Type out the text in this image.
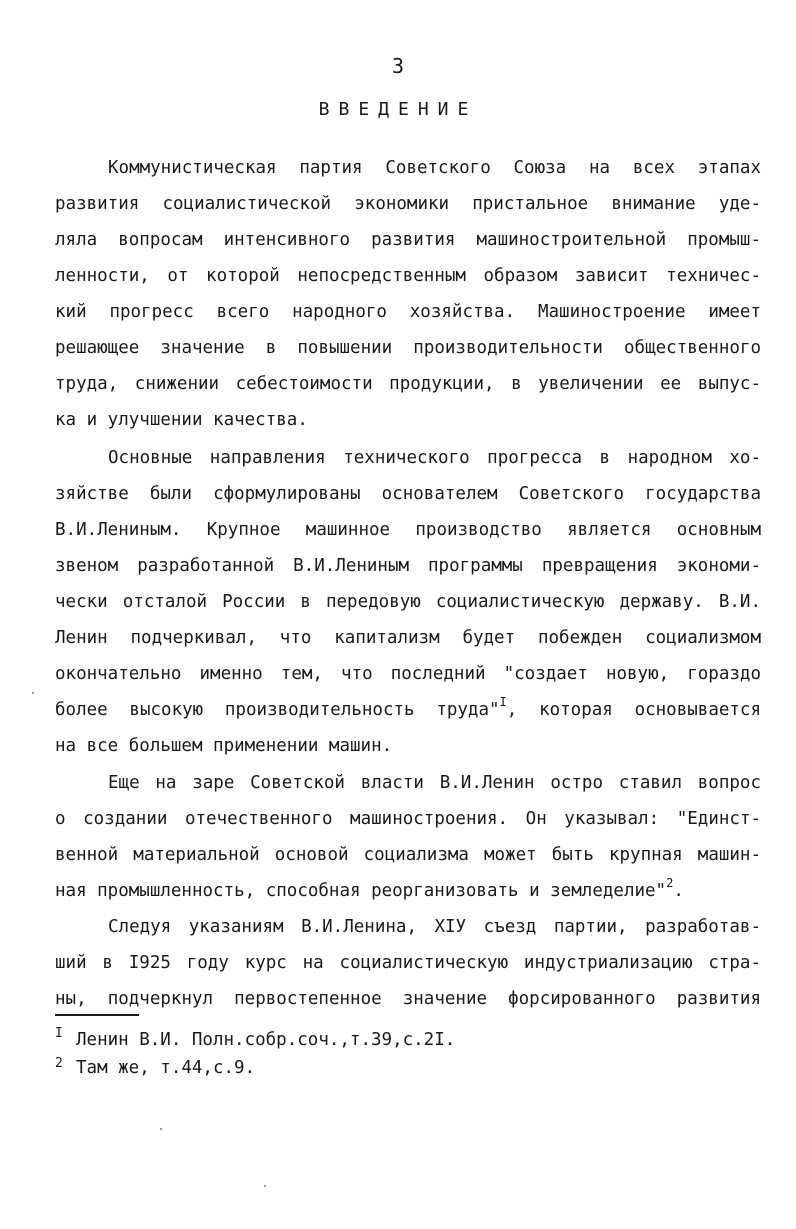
3
ВВЕДЕНИЕ
Коммунистическая партия Советского Союза на всех этапах
развития социалистической экономики пристальное внимание уде-
ляла вопросам интенсивного развития машиностроительной промыш-
ленности, от которой непосредственным образом зависит техничес-
кий прогресс всего народного хозяйства. Машиностроение имеет
решающее значение в повышении производительности общественного
труда, снижении себестоимости продукции, в увеличении ее выпус-
ка и улучшении качества.
Основные направления технического прогресса в народном хо-
зяйстве были сформулированы основателем Советского государства
В.И.Лениным. Крупное машинное производство является основным
звеном разработанной В.И.Лениным программы превращения экономи-
чески отсталой России в передовую социалистическую державу. В.И.
Ленин подчеркивал, что капитализм будет побежден социализмом
окончательно именно тем, что последний "создает новую, гораздо
более высокую производительность труда"$^I$, которая основывается
на все большем применении машин.
Еще на заре Советской власти В.И.Ленин остро ставил вопрос
о создании отечественного машиностроения. Он указывал: "Единст-
венной материальной основой социализма может быть крупная машин-
ная промышленность, способная реорганизовать и земледелие"$^2$.
Следуя указаниям В.И.Ленина, XIУ съезд партии, разработав-
ший в I925 году курс на социалистическую индустриализацию стра-
ны, подчеркнул первостепенное значение форсированного развития
I Ленин В.И. Полн.собр.соч.,т.39,с.2I.
2 Там же, т.44,с.9.
